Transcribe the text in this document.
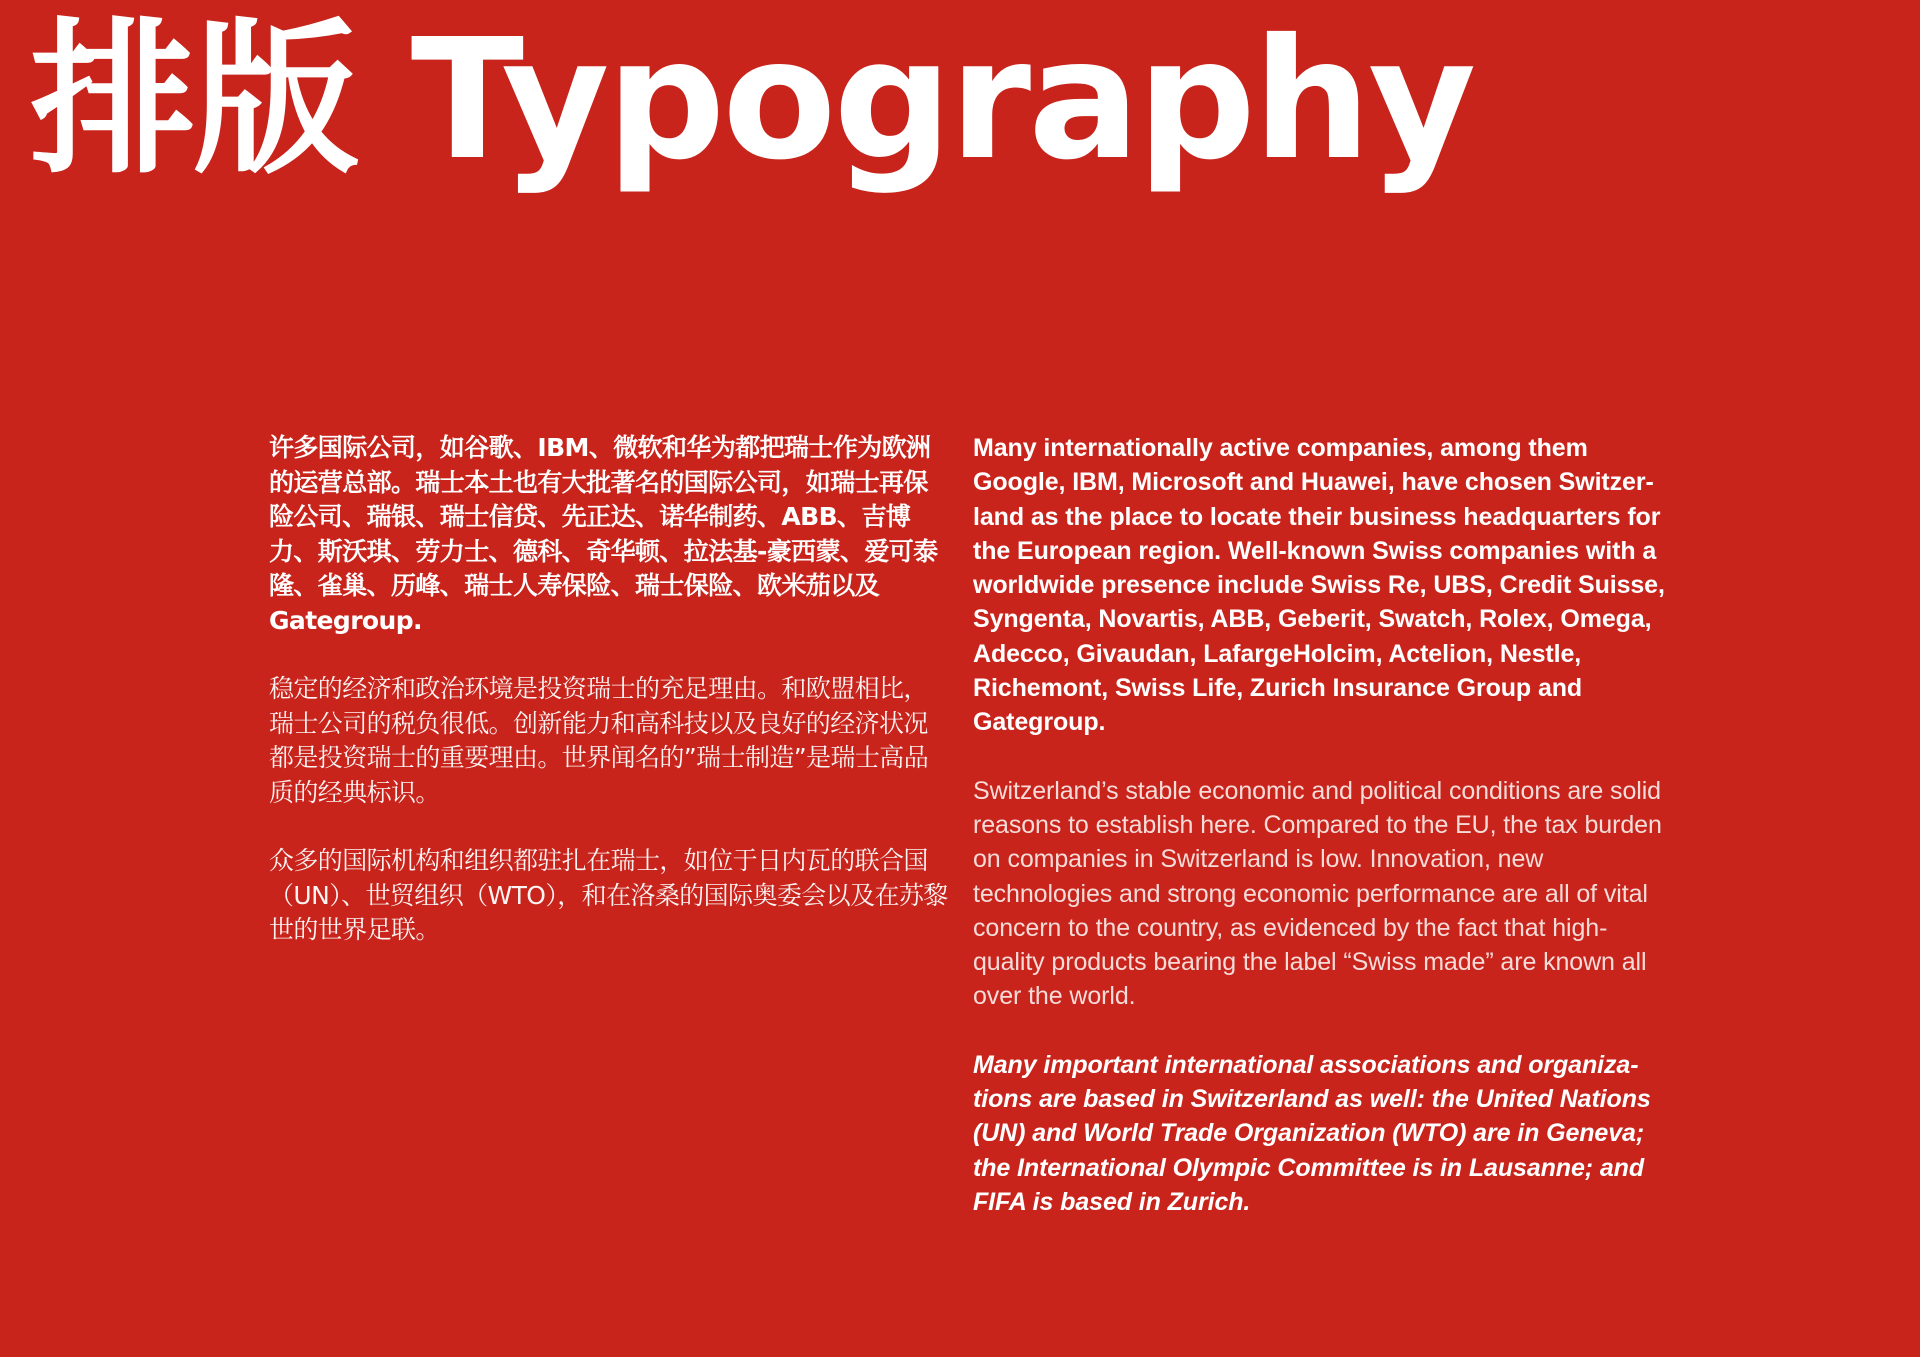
排版 Typography

许多国际公司，如谷歌、IBM、微软和华为都把瑞士作为欧洲的运营总部。瑞士本土也有大批著名的国际公司，如瑞士再保险公司、瑞银、瑞士信贷、先正达、诺华制药、ABB、吉博力、斯沃琪、劳力士、德科、奇华顿、拉法基-豪西蒙、爱可泰隆、雀巢、历峰、瑞士人寿保险、瑞士保险、欧米茄以及Gategroup.

稳定的经济和政治环境是投资瑞士的充足理由。和欧盟相比，瑞士公司的税负很低。创新能力和高科技以及良好的经济状况都是投资瑞士的重要理由。世界闻名的”瑞士制造”是瑞士高品质的经典标识。

众多的国际机构和组织都驻扎在瑞士，如位于日内瓦的联合国（UN）、世贸组织（WTO），和在洛桑的国际奥委会以及在苏黎世的世界足联。

Many internationally active companies, among them Google, IBM, Microsoft and Huawei, have chosen Switzer-land as the place to locate their business headquarters for the European region. Well-known Swiss companies with a worldwide presence include Swiss Re, UBS, Credit Suisse, Syngenta, Novartis, ABB, Geberit, Swatch, Rolex, Omega, Adecco, Givaudan, LafargeHolcim, Actelion, Nestle, Richemont, Swiss Life, Zurich Insurance Group and Gategroup.

Switzerland’s stable economic and political conditions are solid reasons to establish here. Compared to the EU, the tax burden on companies in Switzerland is low. Innovation, new technologies and strong economic performance are all of vital concern to the country, as evidenced by the fact that high-quality products bearing the label “Swiss made” are known all over the world.

Many important international associations and organiza-tions are based in Switzerland as well: the United Nations (UN) and World Trade Organization (WTO) are in Geneva; the International Olympic Committee is in Lausanne; and FIFA is based in Zurich.
